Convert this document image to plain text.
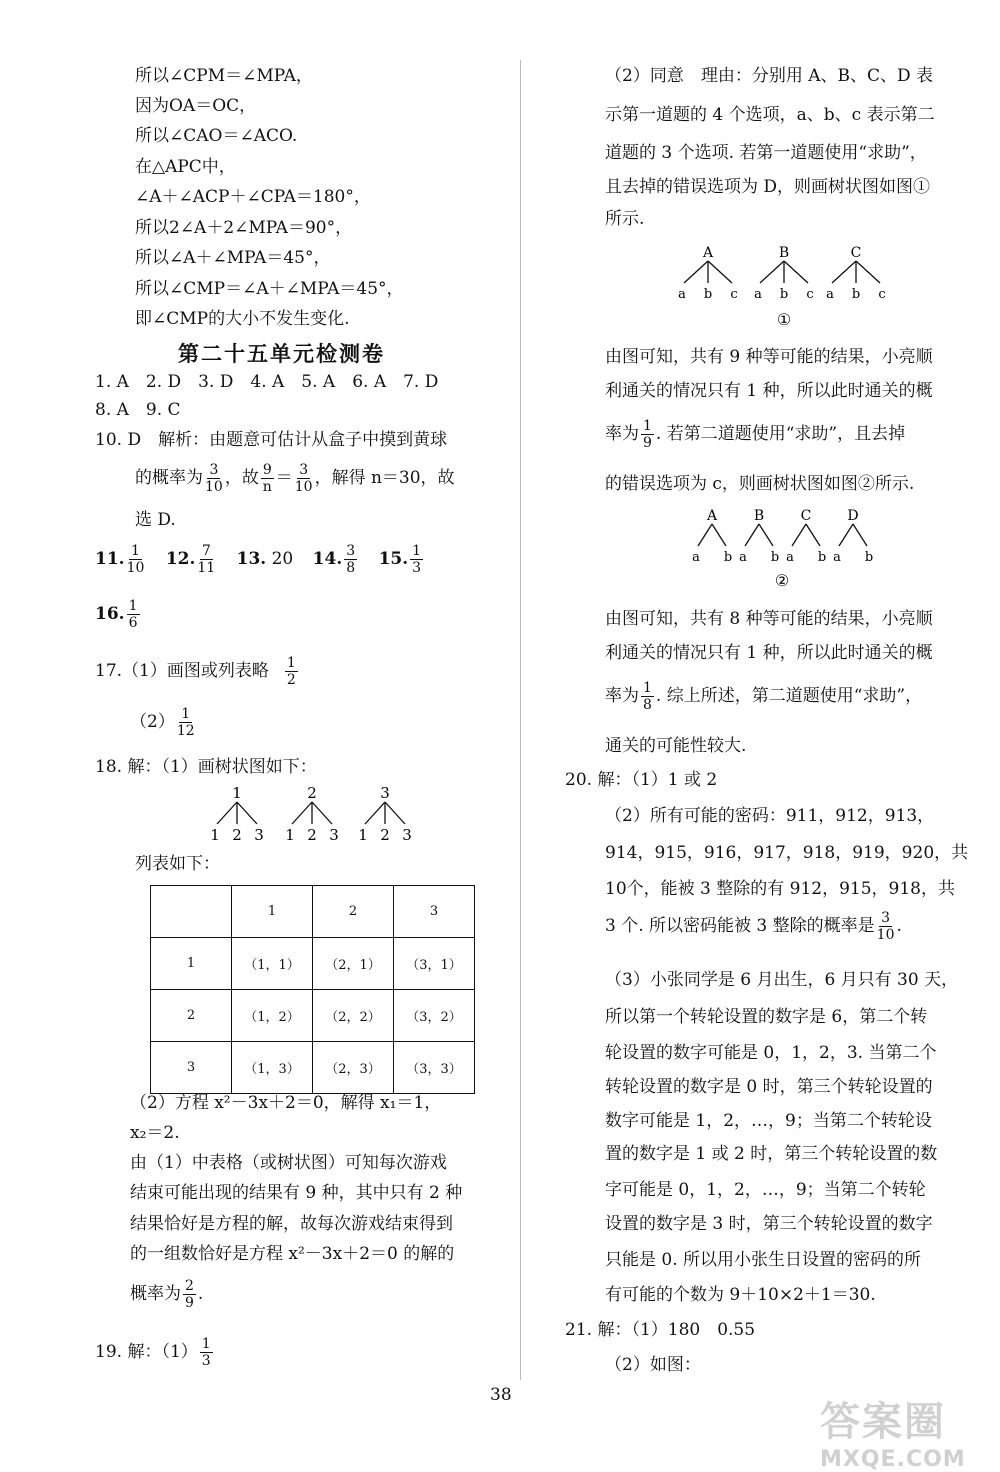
所以∠CPM＝∠MPA，
因为OA＝OC，
所以∠CAO＝∠ACO.
在△APC中，
∠A＋∠ACP＋∠CPA＝180°，
所以2∠A＋2∠MPA＝90°，
所以∠A＋∠MPA＝45°，
所以∠CMP＝∠A＋∠MPA＝45°，
即∠CMP的大小不发生变化.
第二十五单元检测卷
1. A　2. D　3. D　4. A　5. A　6. A　7. D
8. A　9. C
10. D　解析：由题意可估计从盒子中摸到黄球
的概率为 $\frac{3}{10}$ ，故 $\frac{9}{n} = \frac{3}{10}$ ，解得 n＝30，故
选 D.
11. $\frac{1}{10} 12$. $\frac{7}{11} 13$. 20 14. $\frac{3}{8} 15$. $\frac{1}{3}$
16. $\frac{1}{6}$
17.（1）画图或列表略 $\frac{1}{2}$
$(2) \frac{1}{12}$
18. 解：（1）画树状图如下：
1
1 2 3
2
1 2 3
3
1 2 3
列表如下：
	1	2	3
1	（1，1）	（2，1）	（3，1）
2	（1，2）	（2，2）	（3，2）
3	（1，3）	（2，3）	（3，3）
（2）方程 x²－3x＋2＝0，解得 x₁＝1，
x₂＝2.
由（1）中表格（或树状图）可知每次游戏
结束可能出现的结果有 9 种，其中只有 2 种
结果恰好是方程的解，故每次游戏结束得到
的一组数恰好是方程 x²－3x＋2＝0 的解的
概率为 $\frac{2}{9}$ .
19. 解：$(1) \frac{1}{3}$
（2）同意　理由：分别用 A、B、C、D 表
示第一道题的 4 个选项，a、b、c 表示第二
道题的 3 个选项. 若第一道题使用“求助”，
且去掉的错误选项为 D，则画树状图如图①
所示.
A
a b c
B
a b c
C
a b c
①
由图可知，共有 9 种等可能的结果，小亮顺
利通关的情况只有 1 种，所以此时通关的概
率为 $\frac{1}{9}$ . 若第二道题使用“求助”，且去掉
的错误选项为 c，则画树状图如图②所示.
A
a b
B
a b
C
a b
D
a b
②
由图可知，共有 8 种等可能的结果，小亮顺
利通关的情况只有 1 种，所以此时通关的概
率为 $\frac{1}{8}$ . 综上所述，第二道题使用“求助”，
通关的可能性较大.
20. 解：（1）1 或 2
（2）所有可能的密码：911，912，913，
914，915，916，917，918，919，920，共
10个，能被 3 整除的有 912，915，918，共
3 个. 所以密码能被 3 整除的概率是 $\frac{3}{10}$ .
（3）小张同学是 6 月出生，6 月只有 30 天，
所以第一个转轮设置的数字是 6，第二个转
轮设置的数字可能是 0，1，2，3. 当第二个
转轮设置的数字是 0 时，第三个转轮设置的
数字可能是 1，2，…，9；当第二个转轮设
置的数字是 1 或 2 时，第三个转轮设置的数
字可能是 0，1，2，…，9；当第二个转轮
设置的数字是 3 时，第三个转轮设置的数字
只能是 0. 所以用小张生日设置的密码的所
有可能的个数为 9＋10×2＋1＝30.
21. 解：（1）180　0.55
（2）如图：
38
答案圈
MXQE.COM
